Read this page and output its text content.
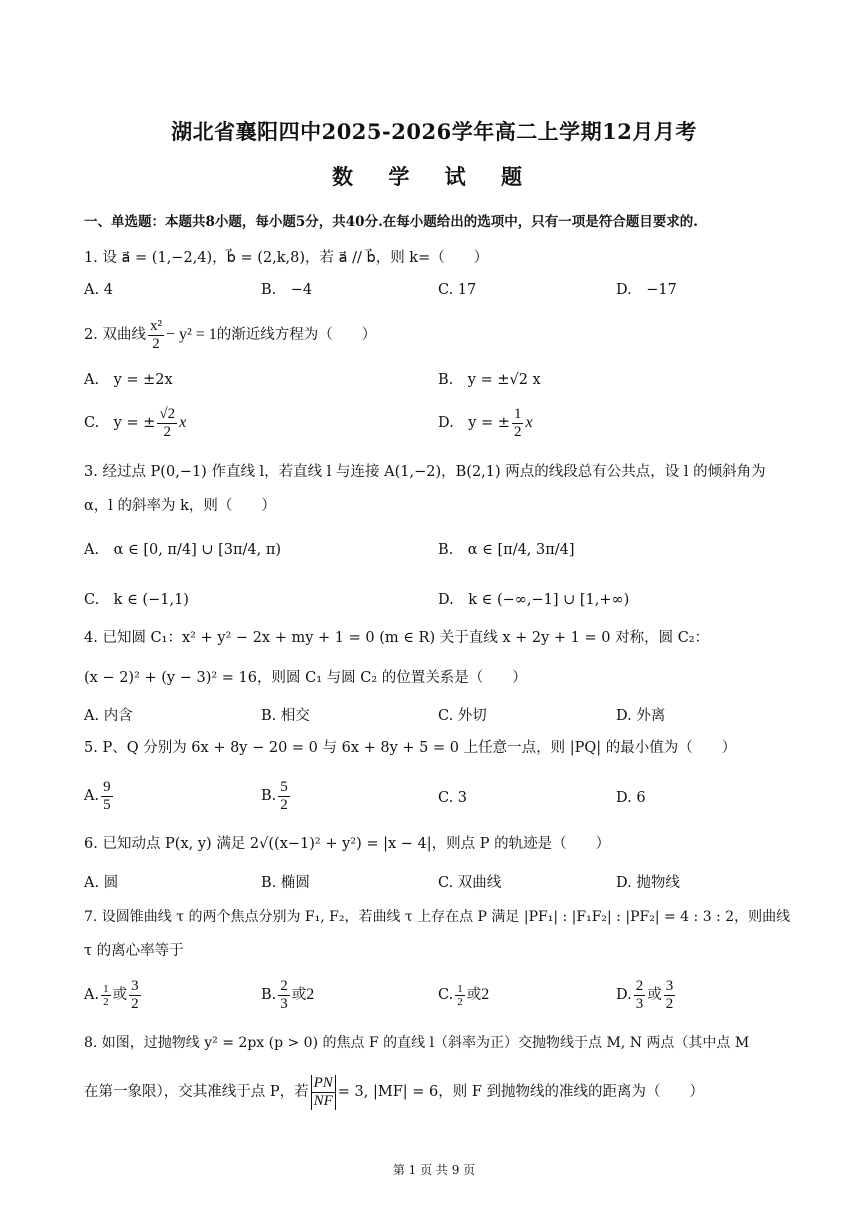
湖北省襄阳四中2025-2026学年高二上学期12月月考
数 学 试 题
一、单选题：本题共8小题，每小题5分，共40分.在每小题给出的选项中，只有一项是符合题目要求的.
1. 设 a⃗ = (1,−2,4)，b⃗ = (2,k,8)，若 a⃗ // b⃗，则 k=（　　）
A. 4	B.　−4	C. 17	D.　−17
2. 双曲线 $\frac{\text{x²}}{2} - y^2 = 1$的渐近线方程为（　　）
A.　y = ±2x	B.　y = ±√2 x
C.　y = ± $\frac{√2}{2}$ x	D.　y = ± $\frac{1}{2}$ x
3. 经过点 P(0,−1) 作直线 l，若直线 l 与连接 A(1,−2)，B(2,1) 两点的线段总有公共点，设 l 的倾斜角为
α，l 的斜率为 k，则（　　）
A.　α ∈ [0, π/4] ∪ [3π/4, π)	B.　α ∈ [π/4, 3π/4]
C.　k ∈ (−1,1)	D.　k ∈ (−∞,−1] ∪ [1,+∞)
4. 已知圆 C₁：x² + y² − 2x + my + 1 = 0 (m ∈ R) 关于直线 x + 2y + 1 = 0 对称，圆 C₂：
(x − 2)² + (y − 3)² = 16，则圆 C₁ 与圆 C₂ 的位置关系是（　　）
A. 内含	B. 相交	C. 外切	D. 外离
5. P、Q 分别为 6x + 8y − 20 = 0 与 6x + 8y + 5 = 0 上任意一点，则 |PQ| 的最小值为（　　）
A. $\frac{9}{5}$	B. $\frac{5}{2}$	C. 3	D. 6
6. 已知动点 P(x, y) 满足 2√((x−1)² + y²) = |x − 4|，则点 P 的轨迹是（　　）
A. 圆	B. 椭圆	C. 双曲线	D. 抛物线
7. 设圆锥曲线 τ 的两个焦点分别为 F₁, F₂，若曲线 τ 上存在点 P 满足 |PF₁| : |F₁F₂| : |PF₂| = 4 : 3 : 2，则曲线
τ 的离心率等于
A. $\frac{1}{2}$ 或 $\frac{3}{2}$	B. $\frac{2}{3}$ 或2	C. $\frac{1}{2}$ 或2	D. $\frac{2}{3}$ 或 $\frac{3}{2}$
8. 如图，过抛物线 y² = 2px (p > 0) 的焦点 F 的直线 l（斜率为正）交抛物线于点 M, N 两点（其中点 M
在第一象限），交其准线于点 P，若 $\frac{PN}{NF} = 3$, |MF| = 6，则 F 到抛物线的准线的距离为（　　）
第 1 页 共 9 页
